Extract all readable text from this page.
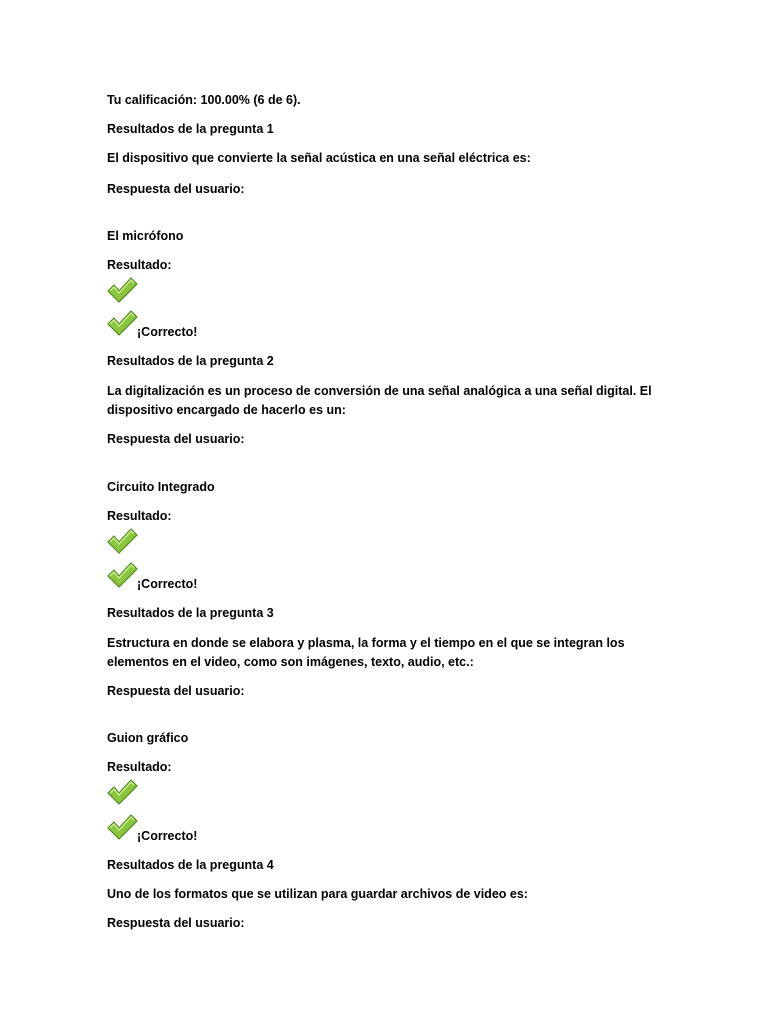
Tu calificación: 100.00% (6 de 6).
Resultados de la pregunta 1
El dispositivo que convierte la señal acústica en una señal eléctrica es:
Respuesta del usuario:
El micrófono
Resultado:
¡Correcto!
Resultados de la pregunta 2
La digitalización es un proceso de conversión de una señal analógica a una señal digital. El
dispositivo encargado de hacerlo es un:
Respuesta del usuario:
Circuito Integrado
Resultado:
¡Correcto!
Resultados de la pregunta 3
Estructura en donde se elabora y plasma, la forma y el tiempo en el que se integran los
elementos en el video, como son imágenes, texto, audio, etc.:
Respuesta del usuario:
Guion gráfico
Resultado:
¡Correcto!
Resultados de la pregunta 4
Uno de los formatos que se utilizan para guardar archivos de video es:
Respuesta del usuario:
